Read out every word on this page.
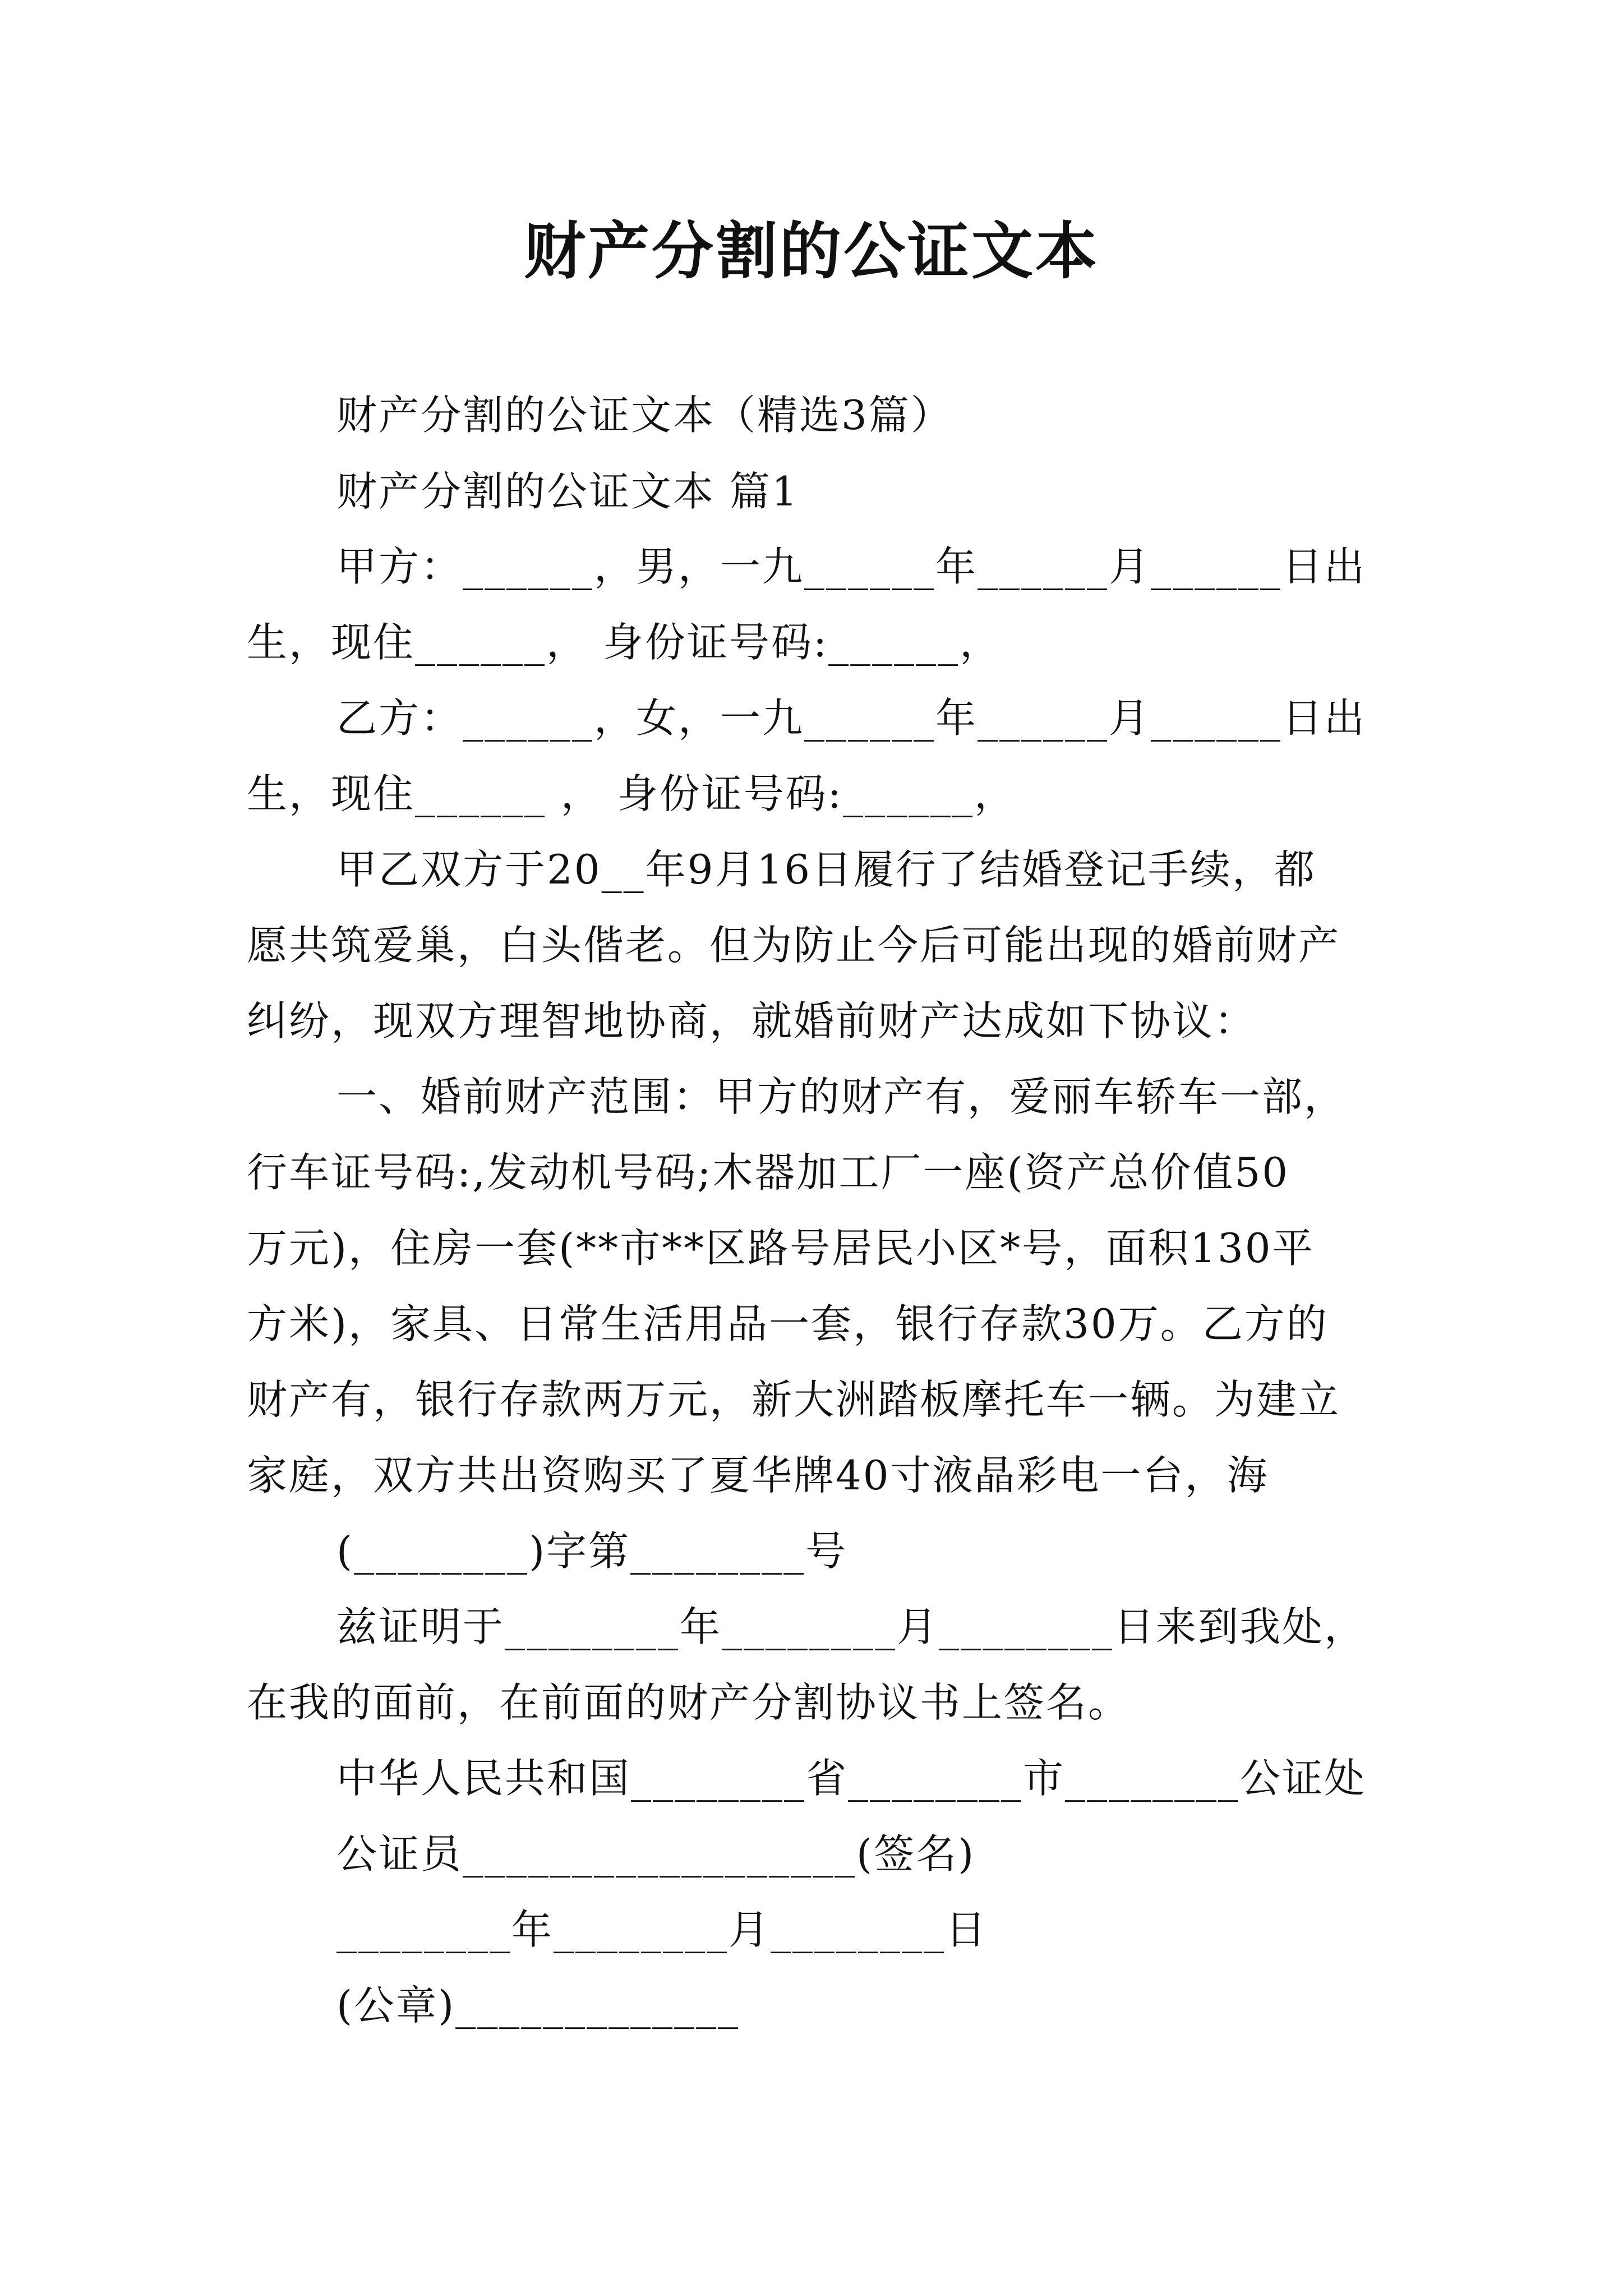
财产分割的公证文本
财产分割的公证文本（精选3篇）
财产分割的公证文本 篇1
甲方：______，男，一九______年______月______日出
生，现住______， 身份证号码:______，
乙方：______，女，一九______年______月______日出
生，现住______ ， 身份证号码:______，
甲乙双方于20__年9月16日履行了结婚登记手续，都
愿共筑爱巢，白头偕老。但为防止今后可能出现的婚前财产
纠纷，现双方理智地协商，就婚前财产达成如下协议：
一、婚前财产范围：甲方的财产有，爱丽车轿车一部，
行车证号码:,发动机号码;木器加工厂一座(资产总价值50
万元)，住房一套(**市**区路号居民小区*号，面积130平
方米)，家具、日常生活用品一套，银行存款30万。乙方的
财产有，银行存款两万元，新大洲踏板摩托车一辆。为建立
家庭，双方共出资购买了夏华牌40寸液晶彩电一台，海
(________)字第________号
兹证明于________年________月________日来到我处，
在我的面前，在前面的财产分割协议书上签名。
中华人民共和国________省________市________公证处
公证员__________________(签名)
________年________月________日
(公章)_____________
